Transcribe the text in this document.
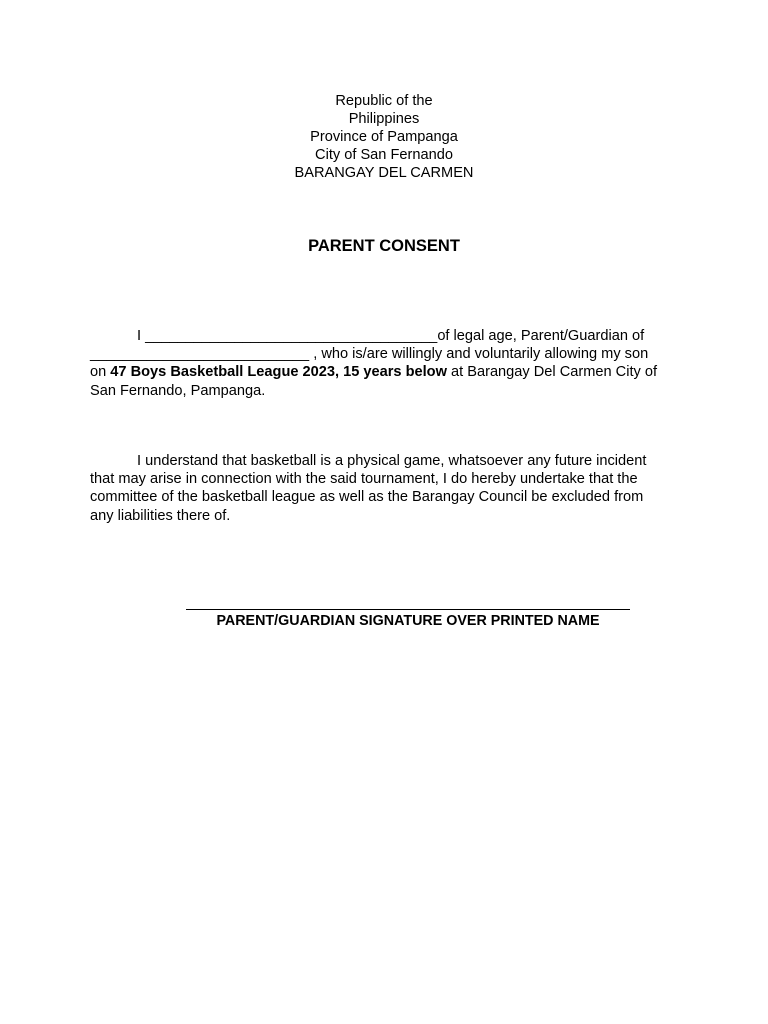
Republic of the
Philippines
Province of Pampanga
City of San Fernando
BARANGAY DEL CARMEN
PARENT CONSENT
I ____________________________________of legal age, Parent/Guardian of
___________________________ , who is/are willingly and voluntarily allowing my son
on 47 Boys Basketball League 2023, 15 years below at Barangay Del Carmen City of
San Fernando, Pampanga.
I understand that basketball is a physical game, whatsoever any future incident
that may arise in connection with the said tournament, I do hereby undertake that the
committee of the basketball league as well as the Barangay Council be excluded from
any liabilities there of.
PARENT/GUARDIAN SIGNATURE OVER PRINTED NAME
